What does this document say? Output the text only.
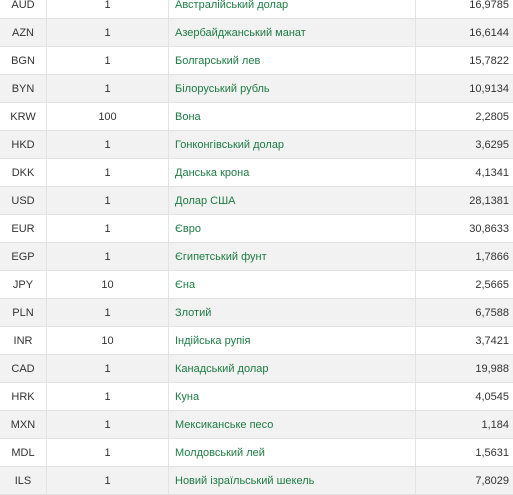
AUD	1	Австралійський долар	16,9785
AZN	1	Азербайджанський манат	16,6144
BGN	1	Болгарський лев	15,7822
BYN	1	Білоруський рубль	10,9134
KRW	100	Вона	2,2805
HKD	1	Гонконгівський долар	3,6295
DKK	1	Данська крона	4,1341
USD	1	Долар США	28,1381
EUR	1	Євро	30,8633
EGP	1	Єгипетський фунт	1,7866
JPY	10	Єна	2,5665
PLN	1	Злотий	6,7588
INR	10	Індійська рупія	3,7421
CAD	1	Канадський долар	19,988
HRK	1	Куна	4,0545
MXN	1	Мексиканське песо	1,184
MDL	1	Молдовський лей	1,5631
ILS	1	Новий ізраїльський шекель	7,8029
